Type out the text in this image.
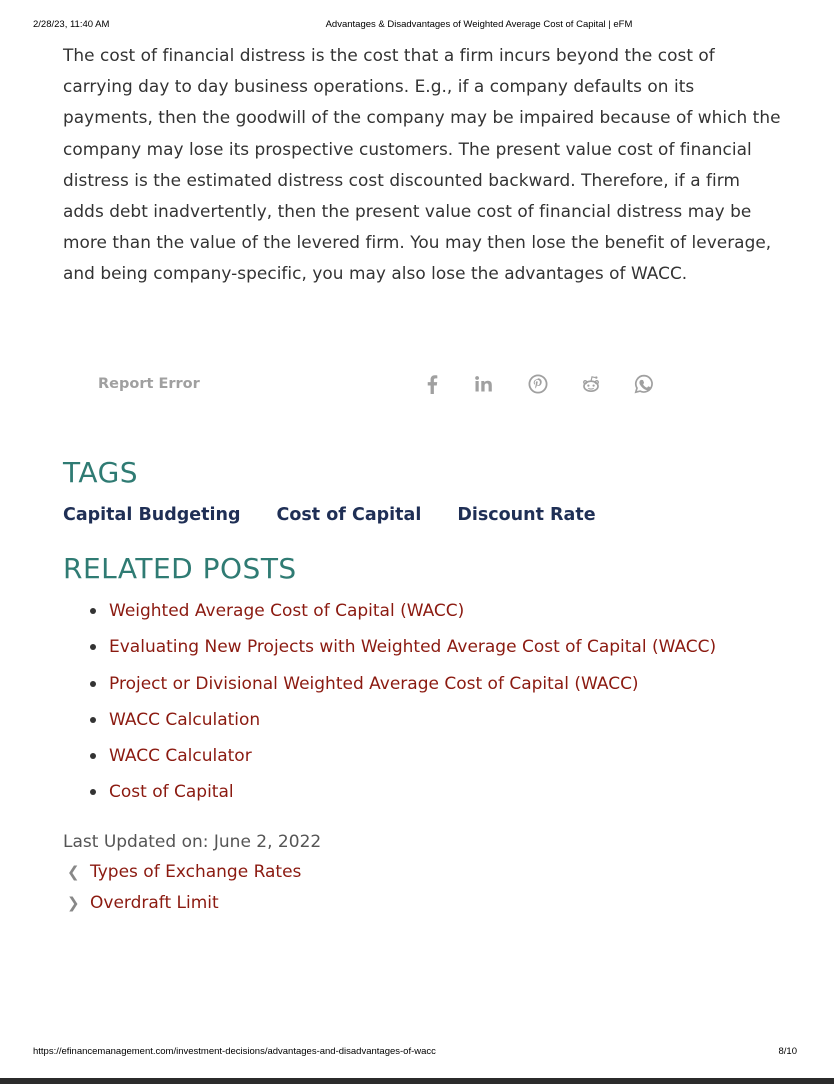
2/28/23, 11:40 AM	Advantages & Disadvantages of Weighted Average Cost of Capital | eFM

The cost of financial distress is the cost that a firm incurs beyond the cost of carrying day to day business operations. E.g., if a company defaults on its payments, then the goodwill of the company may be impaired because of which the company may lose its prospective customers. The present value cost of financial distress is the estimated distress cost discounted backward. Therefore, if a firm adds debt inadvertently, then the present value cost of financial distress may be more than the value of the levered firm. You may then lose the benefit of leverage, and being company-specific, you may also lose the advantages of WACC.

Report Error
TAGS
Capital Budgeting Cost of Capital Discount Rate
RELATED POSTS
Weighted Average Cost of Capital (WACC)
Evaluating New Projects with Weighted Average Cost of Capital (WACC)
Project or Divisional Weighted Average Cost of Capital (WACC)
WACC Calculation
WACC Calculator
Cost of Capital
Last Updated on: June 2, 2022
❮ Types of Exchange Rates
❯ Overdraft Limit
https://efinancemanagement.com/investment-decisions/advantages-and-disadvantages-of-wacc	8/10
